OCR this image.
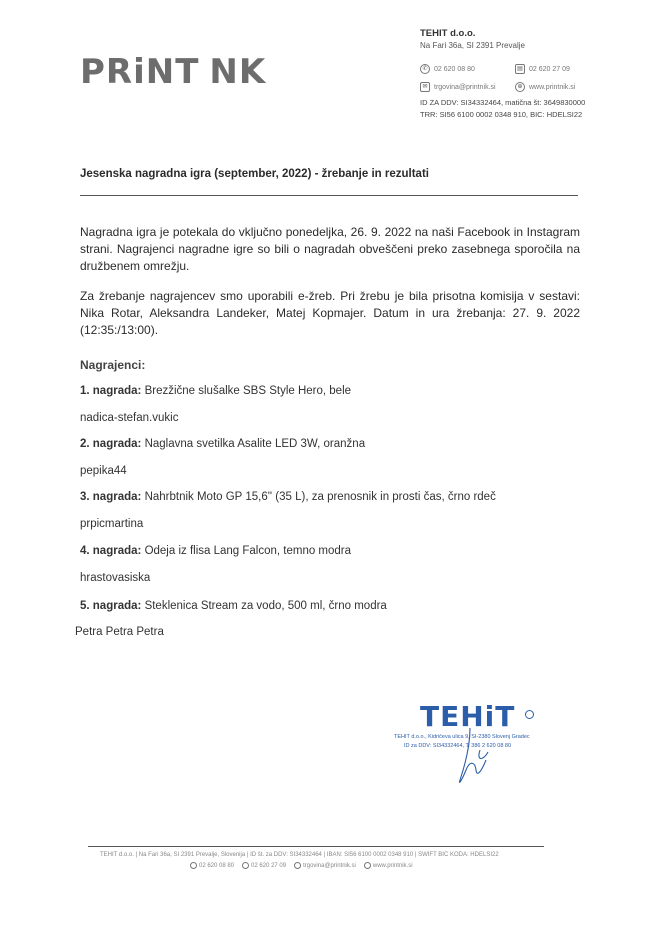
PRiNT NK
TEHIT d.o.o.
Na Fari 36a, SI 2391 Prevalje
✆ 02 620 08 80	▤ 02 620 27 09
✉ trgovina@printnik.si	⊕ www.printnik.si
ID ZA DDV: SI34332464, matična št: 3649830000
TRR: SI56 6100 0002 0348 910, BIC: HDELSI22
Jesenska nagradna igra (september, 2022) - žrebanje in rezultati
Nagradna igra je potekala do vključno ponedeljka, 26. 9. 2022 na naši Facebook in Instagram strani. Nagrajenci nagradne igre so bili o nagradah obveščeni preko zasebnega sporočila na družbenem omrežju.
Za žrebanje nagrajencev smo uporabili e-žreb. Pri žrebu je bila prisotna komisija v sestavi: Nika Rotar, Aleksandra Landeker, Matej Kopmajer. Datum in ura žrebanja: 27. 9. 2022 (12:35:/13:00).
Nagrajenci:
1. nagrada: Brezžične slušalke SBS Style Hero, bele
nadica-stefan.vukic
2. nagrada: Naglavna svetilka Asalite LED 3W, oranžna
pepika44
3. nagrada: Nahrbtnik Moto GP 15,6'' (35 L), za prenosnik in prosti čas, črno rdeč
prpicmartina
4. nagrada: Odeja iz flisa Lang Falcon, temno modra
hrastovasiska
5. nagrada: Steklenica Stream za vodo, 500 ml, črno modra
Petra Petra Petra
TEHiT
TEHIT d.o.o., Kidričeva ulica 9, SI-2380 Slovenj Gradec
ID za DDV: SI34332464, T: 386 2 620 08 80
TEHIT d.o.o. | Na Fari 36a, SI 2391 Prevalje, Slovenija | ID št. za DDV: SI34332464 | IBAN: SI56 6100 0002 0348 910 | SWIFT BIC KODA: HDELSI22
02 620 08 80	02 620 27 09	trgovina@printnik.si	www.printnik.si
